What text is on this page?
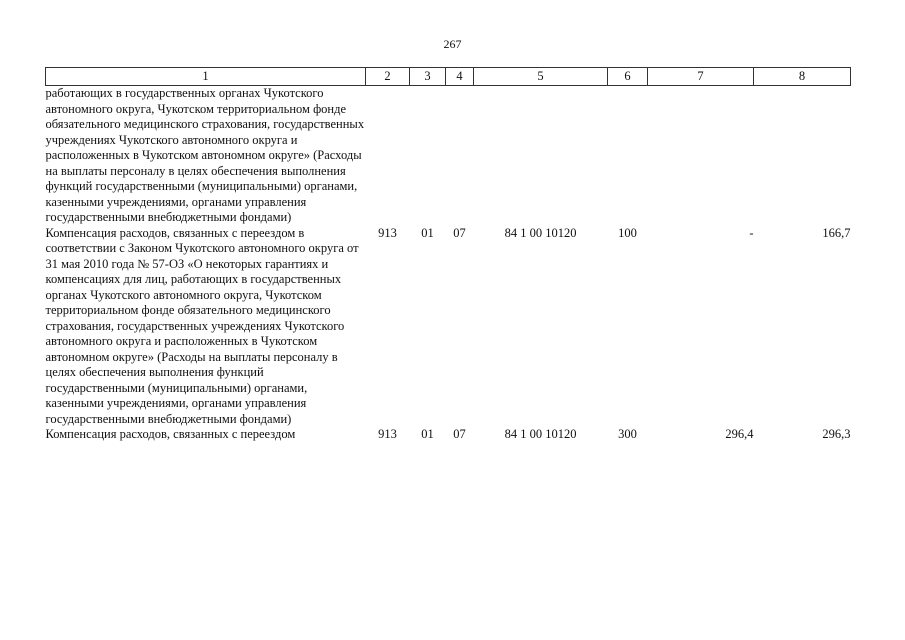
267
1	2	3	4	5	6	7	8
работающих в государственных органах Чукотского автономного округа, Чукотском территориальном фонде обязательного медицинского страхования, государственных учреждениях Чукотского автономного округа и расположенных в Чукотском автономном округе» (Расходы на выплаты персоналу в целях обеспечения выполнения функций государственными (муниципальными) органами, казенными учреждениями, органами управления государственными внебюджетными фондами)							
Компенсация расходов, связанных с переездом в соответствии с Законом Чукотского автономного округа от 31 мая 2010 года № 57-ОЗ «О некоторых гарантиях и компенсациях для лиц, работающих в государственных органах Чукотского автономного округа, Чукотском территориальном фонде обязательного медицинского страхования, государственных учреждениях Чукотского автономного округа и расположенных в Чукотском автономном округе» (Расходы на выплаты персоналу в целях обеспечения выполнения функций государственными (муниципальными) органами, казенными учреждениями, органами управления государственными внебюджетными фондами)	913	01	07	84 1 00 10120	100	-	166,7
Компенсация расходов, связанных с переездом	913	01	07	84 1 00 10120	300	296,4	296,3
